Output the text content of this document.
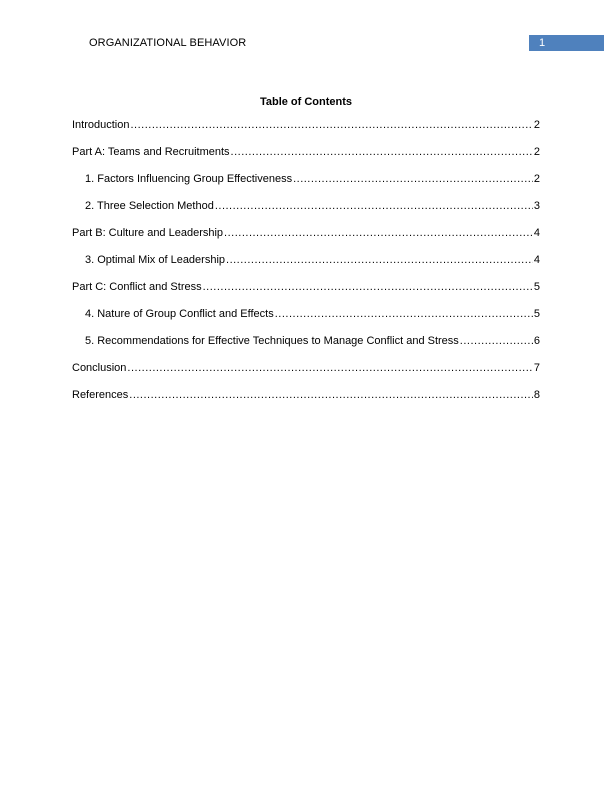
ORGANIZATIONAL BEHAVIOR	1
Table of Contents
Introduction .....	2
Part A: Teams and Recruitments .....	2
1. Factors Influencing Group Effectiveness .....	2
2. Three Selection Method .....	3
Part B: Culture and Leadership .....	4
3. Optimal Mix of Leadership .....	4
Part C: Conflict and Stress .....	5
4. Nature of Group Conflict and Effects .....	5
5. Recommendations for Effective Techniques to Manage Conflict and Stress .....	6
Conclusion .....	7
References .....	8
